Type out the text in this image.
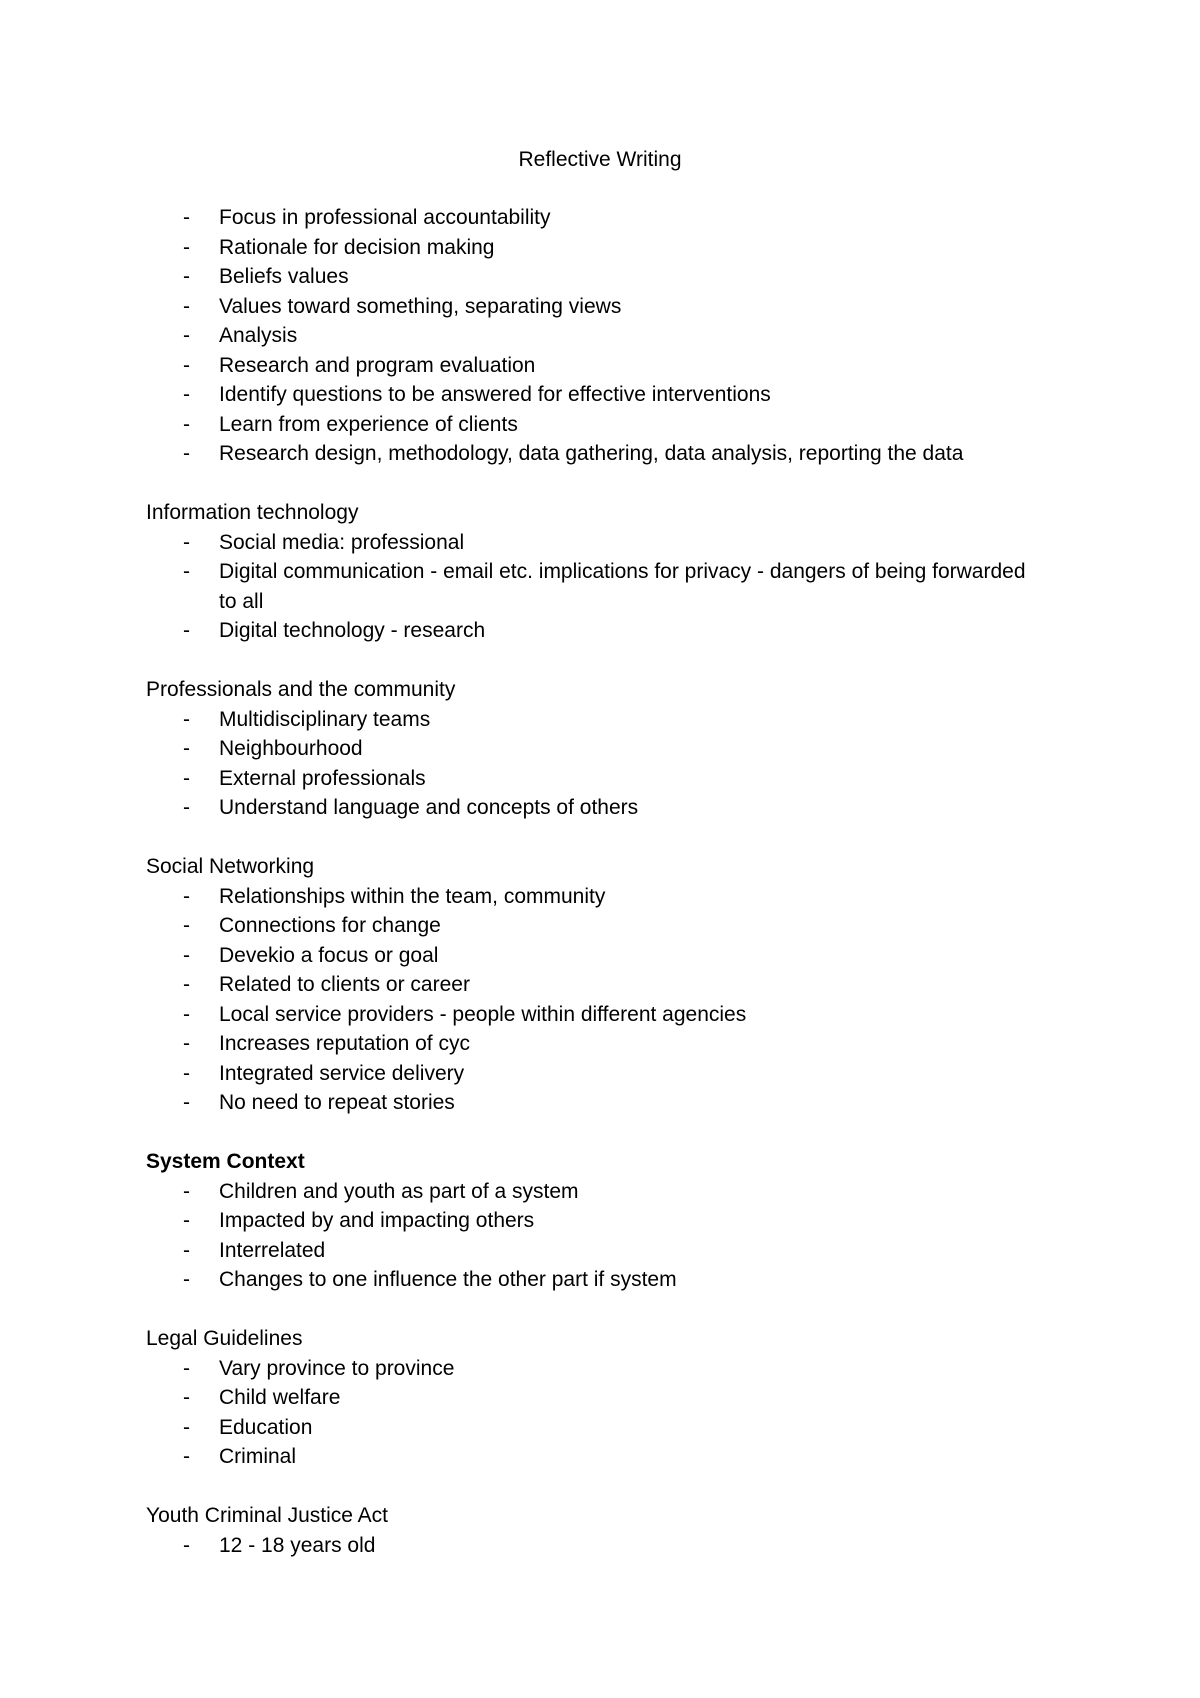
Reflective Writing
- Focus in professional accountability
- Rationale for decision making
- Beliefs values
- Values toward something, separating views
- Analysis
- Research and program evaluation
- Identify questions to be answered for effective interventions
- Learn from experience of clients
- Research design, methodology, data gathering, data analysis, reporting the data
Information technology
- Social media: professional
- Digital communication - email etc. implications for privacy - dangers of being forwarded to all
- Digital technology - research
Professionals and the community
- Multidisciplinary teams
- Neighbourhood
- External professionals
- Understand language and concepts of others
Social Networking
- Relationships within the team, community
- Connections for change
- Devekio a focus or goal
- Related to clients or career
- Local service providers - people within different agencies
- Increases reputation of cyc
- Integrated service delivery
- No need to repeat stories
System Context
- Children and youth as part of a system
- Impacted by and impacting others
- Interrelated
- Changes to one influence the other part if system
Legal Guidelines
- Vary province to province
- Child welfare
- Education
- Criminal
Youth Criminal Justice Act
- 12 - 18 years old
